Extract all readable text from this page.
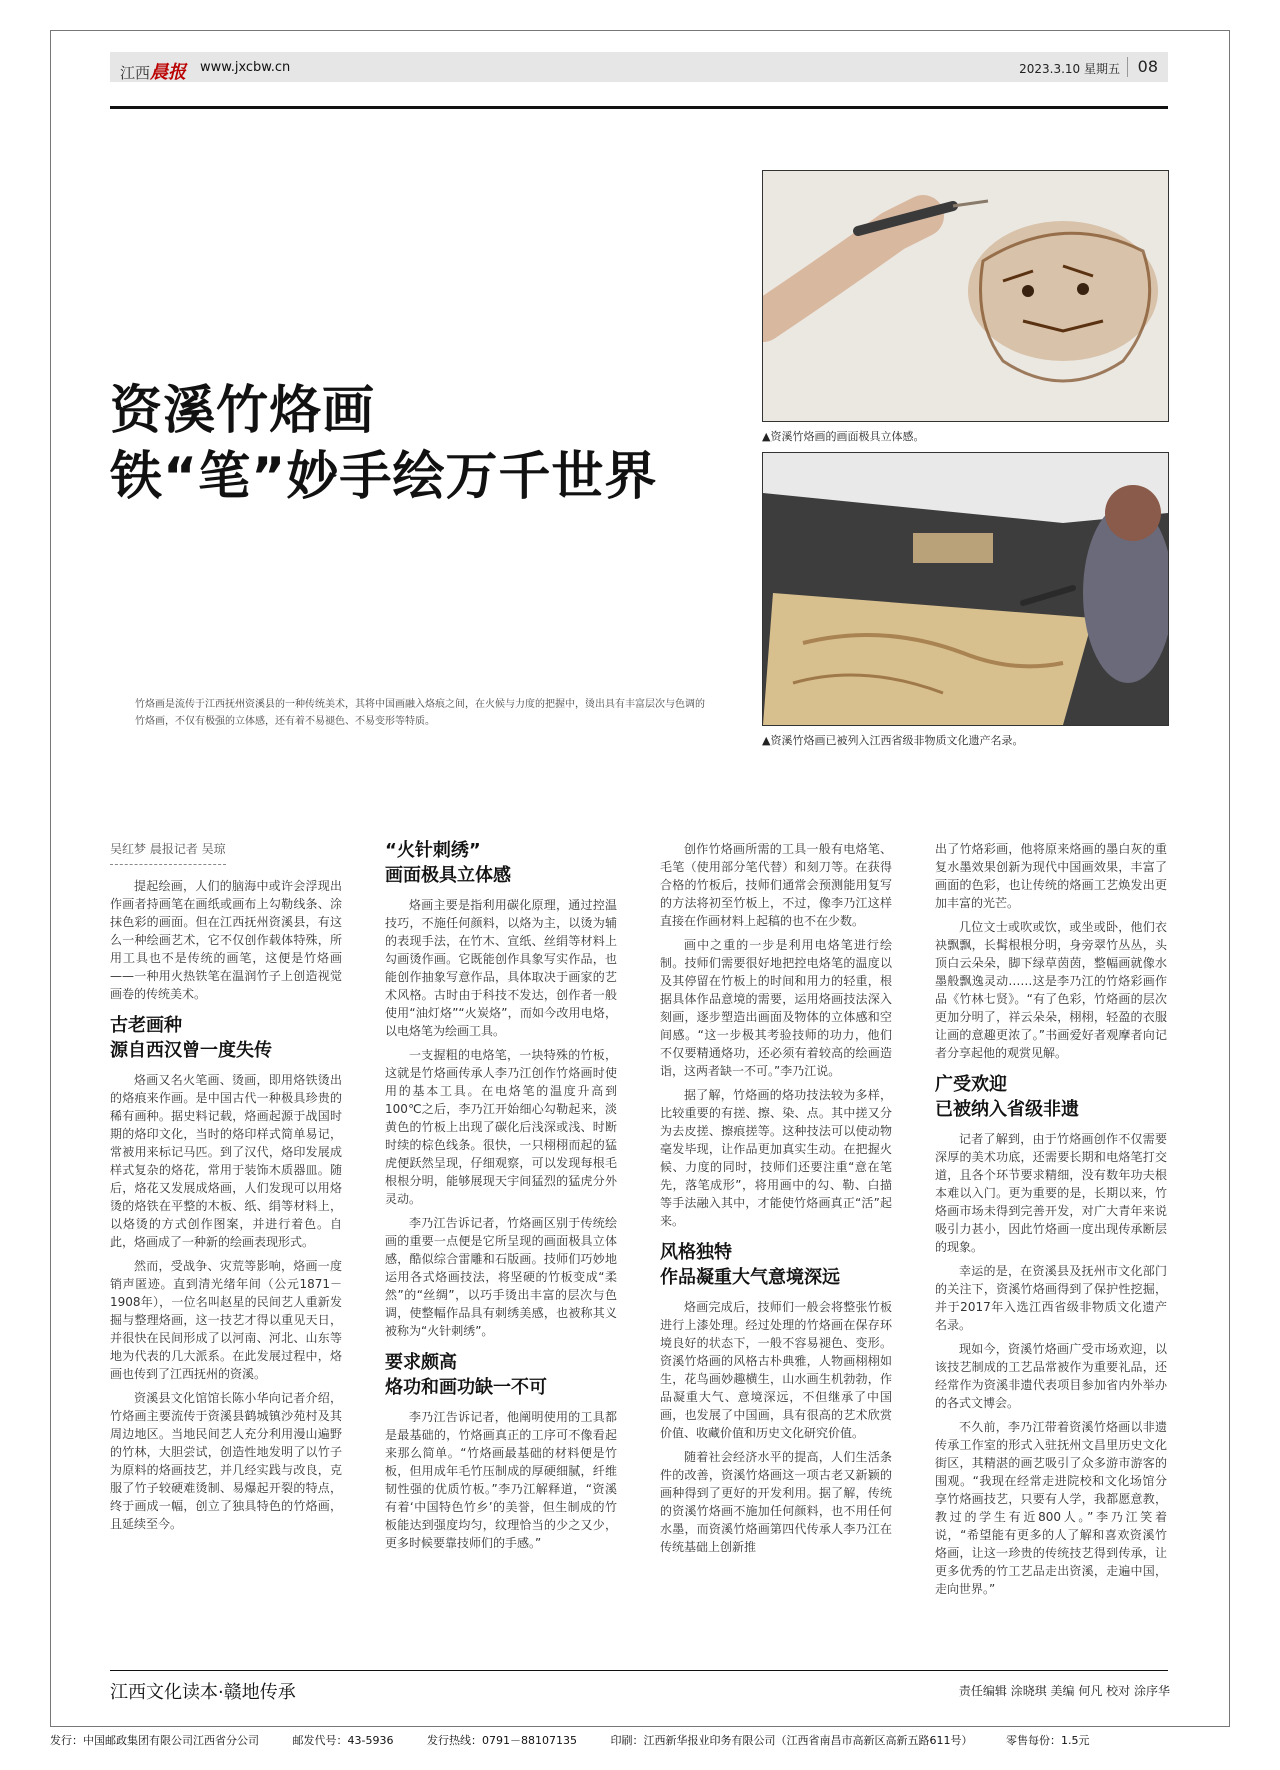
江西晨报 www.jxcbw.cn	2023.3.10 星期五 08
资溪竹烙画
铁“笔”妙手绘万千世界
竹烙画是流传于江西抚州资溪县的一种传统美术，其将中国画融入烙痕之间，在火候与力度的把握中，烫出具有丰富层次与色调的竹烙画，不仅有极强的立体感，还有着不易褪色、不易变形等特质。
▲资溪竹烙画的画面极具立体感。
▲资溪竹烙画已被列入江西省级非物质文化遗产名录。
吴红梦 晨报记者 吴琼

提起绘画，人们的脑海中或许会浮现出作画者持画笔在画纸或画布上勾勒线条、涂抹色彩的画面。但在江西抚州资溪县，有这么一种绘画艺术，它不仅创作载体特殊，所用工具也不是传统的画笔，这便是竹烙画——一种用火热铁笔在温润竹子上创造视觉画卷的传统美术。

古老画种
源自西汉曾一度失传

烙画又名火笔画、烫画，即用烙铁烫出的烙痕来作画。是中国古代一种极具珍贵的稀有画种。据史料记载，烙画起源于战国时期的烙印文化，当时的烙印样式简单易记，常被用来标记马匹。到了汉代，烙印发展成样式复杂的烙花，常用于装饰木质器皿。随后，烙花又发展成烙画，人们发现可以用烙烫的烙铁在平整的木板、纸、绢等材料上，以烙烫的方式创作图案，并进行着色。自此，烙画成了一种新的绘画表现形式。

然而，受战争、灾荒等影响，烙画一度销声匿迹。直到清光绪年间（公元1871－1908年），一位名叫赵星的民间艺人重新发掘与整理烙画，这一技艺才得以重见天日，并很快在民间形成了以河南、河北、山东等地为代表的几大派系。在此发展过程中，烙画也传到了江西抚州的资溪。

资溪县文化馆馆长陈小华向记者介绍，竹烙画主要流传于资溪县鹤城镇沙苑村及其周边地区。当地民间艺人充分利用漫山遍野的竹林，大胆尝试，创造性地发明了以竹子为原料的烙画技艺，并几经实践与改良，克服了竹子较硬难烫制、易爆起开裂的特点，终于画成一幅，创立了独具特色的竹烙画，且延续至今。

“火针刺绣”
画面极具立体感

烙画主要是指利用碳化原理，通过控温技巧，不施任何颜料，以烙为主，以烫为辅的表现手法，在竹木、宣纸、丝绢等材料上勾画烫作画。它既能创作具象写实作品，也能创作抽象写意作品，具体取决于画家的艺术风格。古时由于科技不发达，创作者一般使用“油灯烙”“火炭烙”，而如今改用电烙，以电烙笔为绘画工具。

一支握粗的电烙笔，一块特殊的竹板，这就是竹烙画传承人李乃江创作竹烙画时使用的基本工具。在电烙笔的温度升高到100℃之后，李乃江开始细心勾勒起来，淡黄色的竹板上出现了碳化后浅深或浅、时断时续的棕色线条。很快，一只栩栩而起的猛虎便跃然呈现，仔细观察，可以发现每根毛根根分明，能够展现天宇间猛烈的猛虎分外灵动。

李乃江告诉记者，竹烙画区别于传统绘画的重要一点便是它所呈现的画面极具立体感，酷似综合雷雕和石版画。技师们巧妙地运用各式烙画技法，将坚硬的竹板变成“柔然”的“丝绸”，以巧手烫出丰富的层次与色调，使整幅作品具有刺绣美感，也被称其义被称为“火针刺绣”。

要求颇高
烙功和画功缺一不可

李乃江告诉记者，他阐明使用的工具都是最基础的，竹烙画真正的工序可不像看起来那么简单。“竹烙画最基础的材料便是竹板，但用成年毛竹压制成的厚硬细腻，纤维韧性强的优质竹板。”李乃江解释道，“资溪有着‘中国特色竹乡’的美誉，但生制成的竹板能达到强度均匀，纹理恰当的少之又少，更多时候要靠技师们的手感。”

创作竹烙画所需的工具一般有电烙笔、毛笔（使用部分笔代替）和刻刀等。在获得合格的竹板后，技师们通常会预测能用复写的方法将初至竹板上，不过，像李乃江这样直接在作画材料上起稿的也不在少数。

画中之重的一步是利用电烙笔进行绘制。技师们需要很好地把控电烙笔的温度以及其停留在竹板上的时间和用力的轻重，根据具体作品意境的需要，运用烙画技法深入刻画，逐步塑造出画面及物体的立体感和空间感。“这一步极其考验技师的功力，他们不仅要精通烙功，还必须有着较高的绘画造诣，这两者缺一不可。”李乃江说。

据了解，竹烙画的烙功技法较为多样，比较重要的有搓、擦、染、点。其中搓又分为去皮搓、擦痕搓等。这种技法可以使动物毫发毕现，让作品更加真实生动。在把握火候、力度的同时，技师们还要注重“意在笔先，落笔成形”，将用画中的勾、勒、白描等手法融入其中，才能使竹烙画真正“活”起来。

风格独特
作品凝重大气意境深远

烙画完成后，技师们一般会将整张竹板进行上漆处理。经过处理的竹烙画在保存环境良好的状态下，一般不容易褪色、变形。资溪竹烙画的风格古朴典雅，人物画栩栩如生，花鸟画妙趣横生，山水画生机勃勃，作品凝重大气、意境深远，不但继承了中国画，也发展了中国画，具有很高的艺术欣赏价值、收藏价值和历史文化研究价值。

随着社会经济水平的提高，人们生活条件的改善，资溪竹烙画这一项古老又新颖的画种得到了更好的开发利用。据了解，传统的资溪竹烙画不施加任何颜料，也不用任何水墨，而资溪竹烙画第四代传承人李乃江在传统基础上创新推

出了竹烙彩画，他将原来烙画的墨白灰的重复水墨效果创新为现代中国画效果，丰富了画面的色彩，也让传统的烙画工艺焕发出更加丰富的光芒。

几位文士或吹或饮，或坐或卧，他们衣袂飘飘，长髯根根分明，身旁翠竹丛丛，头顶白云朵朵，脚下绿草茵茵，整幅画就像水墨般飘逸灵动……这是李乃江的竹烙彩画作品《竹林七贤》。“有了色彩，竹烙画的层次更加分明了，祥云朵朵，栩栩，轻盈的衣服让画的意趣更浓了。”书画爱好者观摩者向记者分享起他的观赏见解。

广受欢迎
已被纳入省级非遗

记者了解到，由于竹烙画创作不仅需要深厚的美术功底，还需要长期和电烙笔打交道，且各个环节要求精细，没有数年功夫根本难以入门。更为重要的是，长期以来，竹烙画市场未得到完善开发，对广大青年来说吸引力甚小，因此竹烙画一度出现传承断层的现象。

幸运的是，在资溪县及抚州市文化部门的关注下，资溪竹烙画得到了保护性挖掘，并于2017年入选江西省级非物质文化遗产名录。

现如今，资溪竹烙画广受市场欢迎，以该技艺制成的工艺品常被作为重要礼品，还经常作为资溪非遗代表项目参加省内外举办的各式文博会。

不久前，李乃江带着资溪竹烙画以非遗传承工作室的形式入驻抚州文昌里历史文化街区，其精湛的画艺吸引了众多游市游客的围观。“我现在经常走进院校和文化场馆分享竹烙画技艺，只要有人学，我都愿意教，教过的学生有近800人。”李乃江笑着说，“希望能有更多的人了解和喜欢资溪竹烙画，让这一珍贵的传统技艺得到传承，让更多优秀的竹工艺品走出资溪，走遍中国，走向世界。”

江西文化读本·赣地传承	责任编辑 涂晓琪 美编 何凡 校对 涂序华
发行：中国邮政集团有限公司江西省分公司	邮发代号：43-5936	发行热线：0791－88107135	印刷：江西新华报业印务有限公司（江西省南昌市高新区高新五路611号）	零售每份：1.5元
